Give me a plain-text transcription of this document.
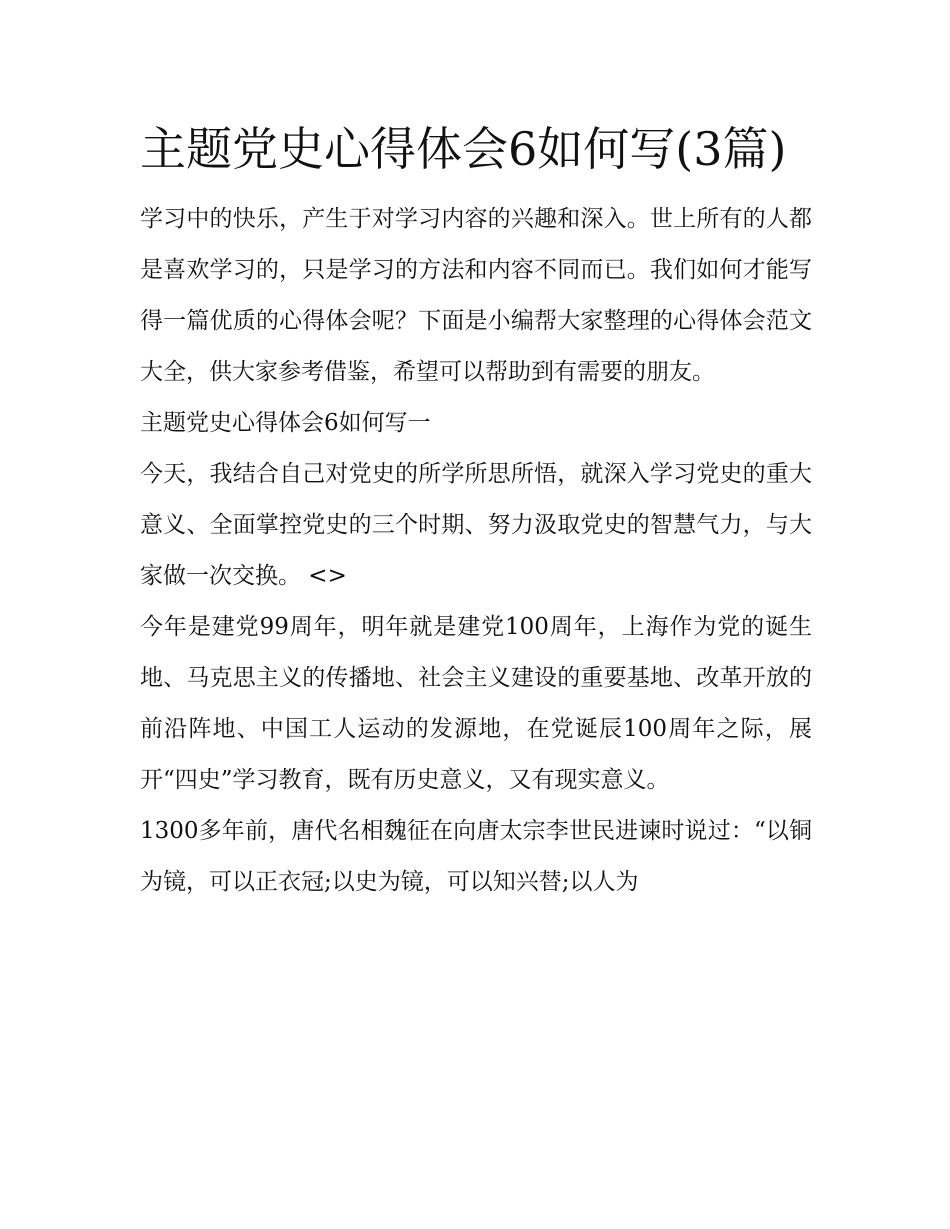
主题党史心得体会6如何写(3篇)

学习中的快乐，产生于对学习内容的兴趣和深入。世上所有的人都是喜欢学习的，只是学习的方法和内容不同而已。我们如何才能写得一篇优质的心得体会呢？下面是小编帮大家整理的心得体会范文大全，供大家参考借鉴，希望可以帮助到有需要的朋友。

主题党史心得体会6如何写一

今天，我结合自己对党史的所学所思所悟，就深入学习党史的重大意义、全面掌控党史的三个时期、努力汲取党史的智慧气力，与大家做一次交换。 <>

今年是建党99周年，明年就是建党100周年，上海作为党的诞生地、马克思主义的传播地、社会主义建设的重要基地、改革开放的前沿阵地、中国工人运动的发源地，在党诞辰100周年之际，展开“四史”学习教育，既有历史意义，又有现实意义。

1300多年前，唐代名相魏征在向唐太宗李世民进谏时说过：“以铜为镜，可以正衣冠;以史为镜，可以知兴替;以人为
